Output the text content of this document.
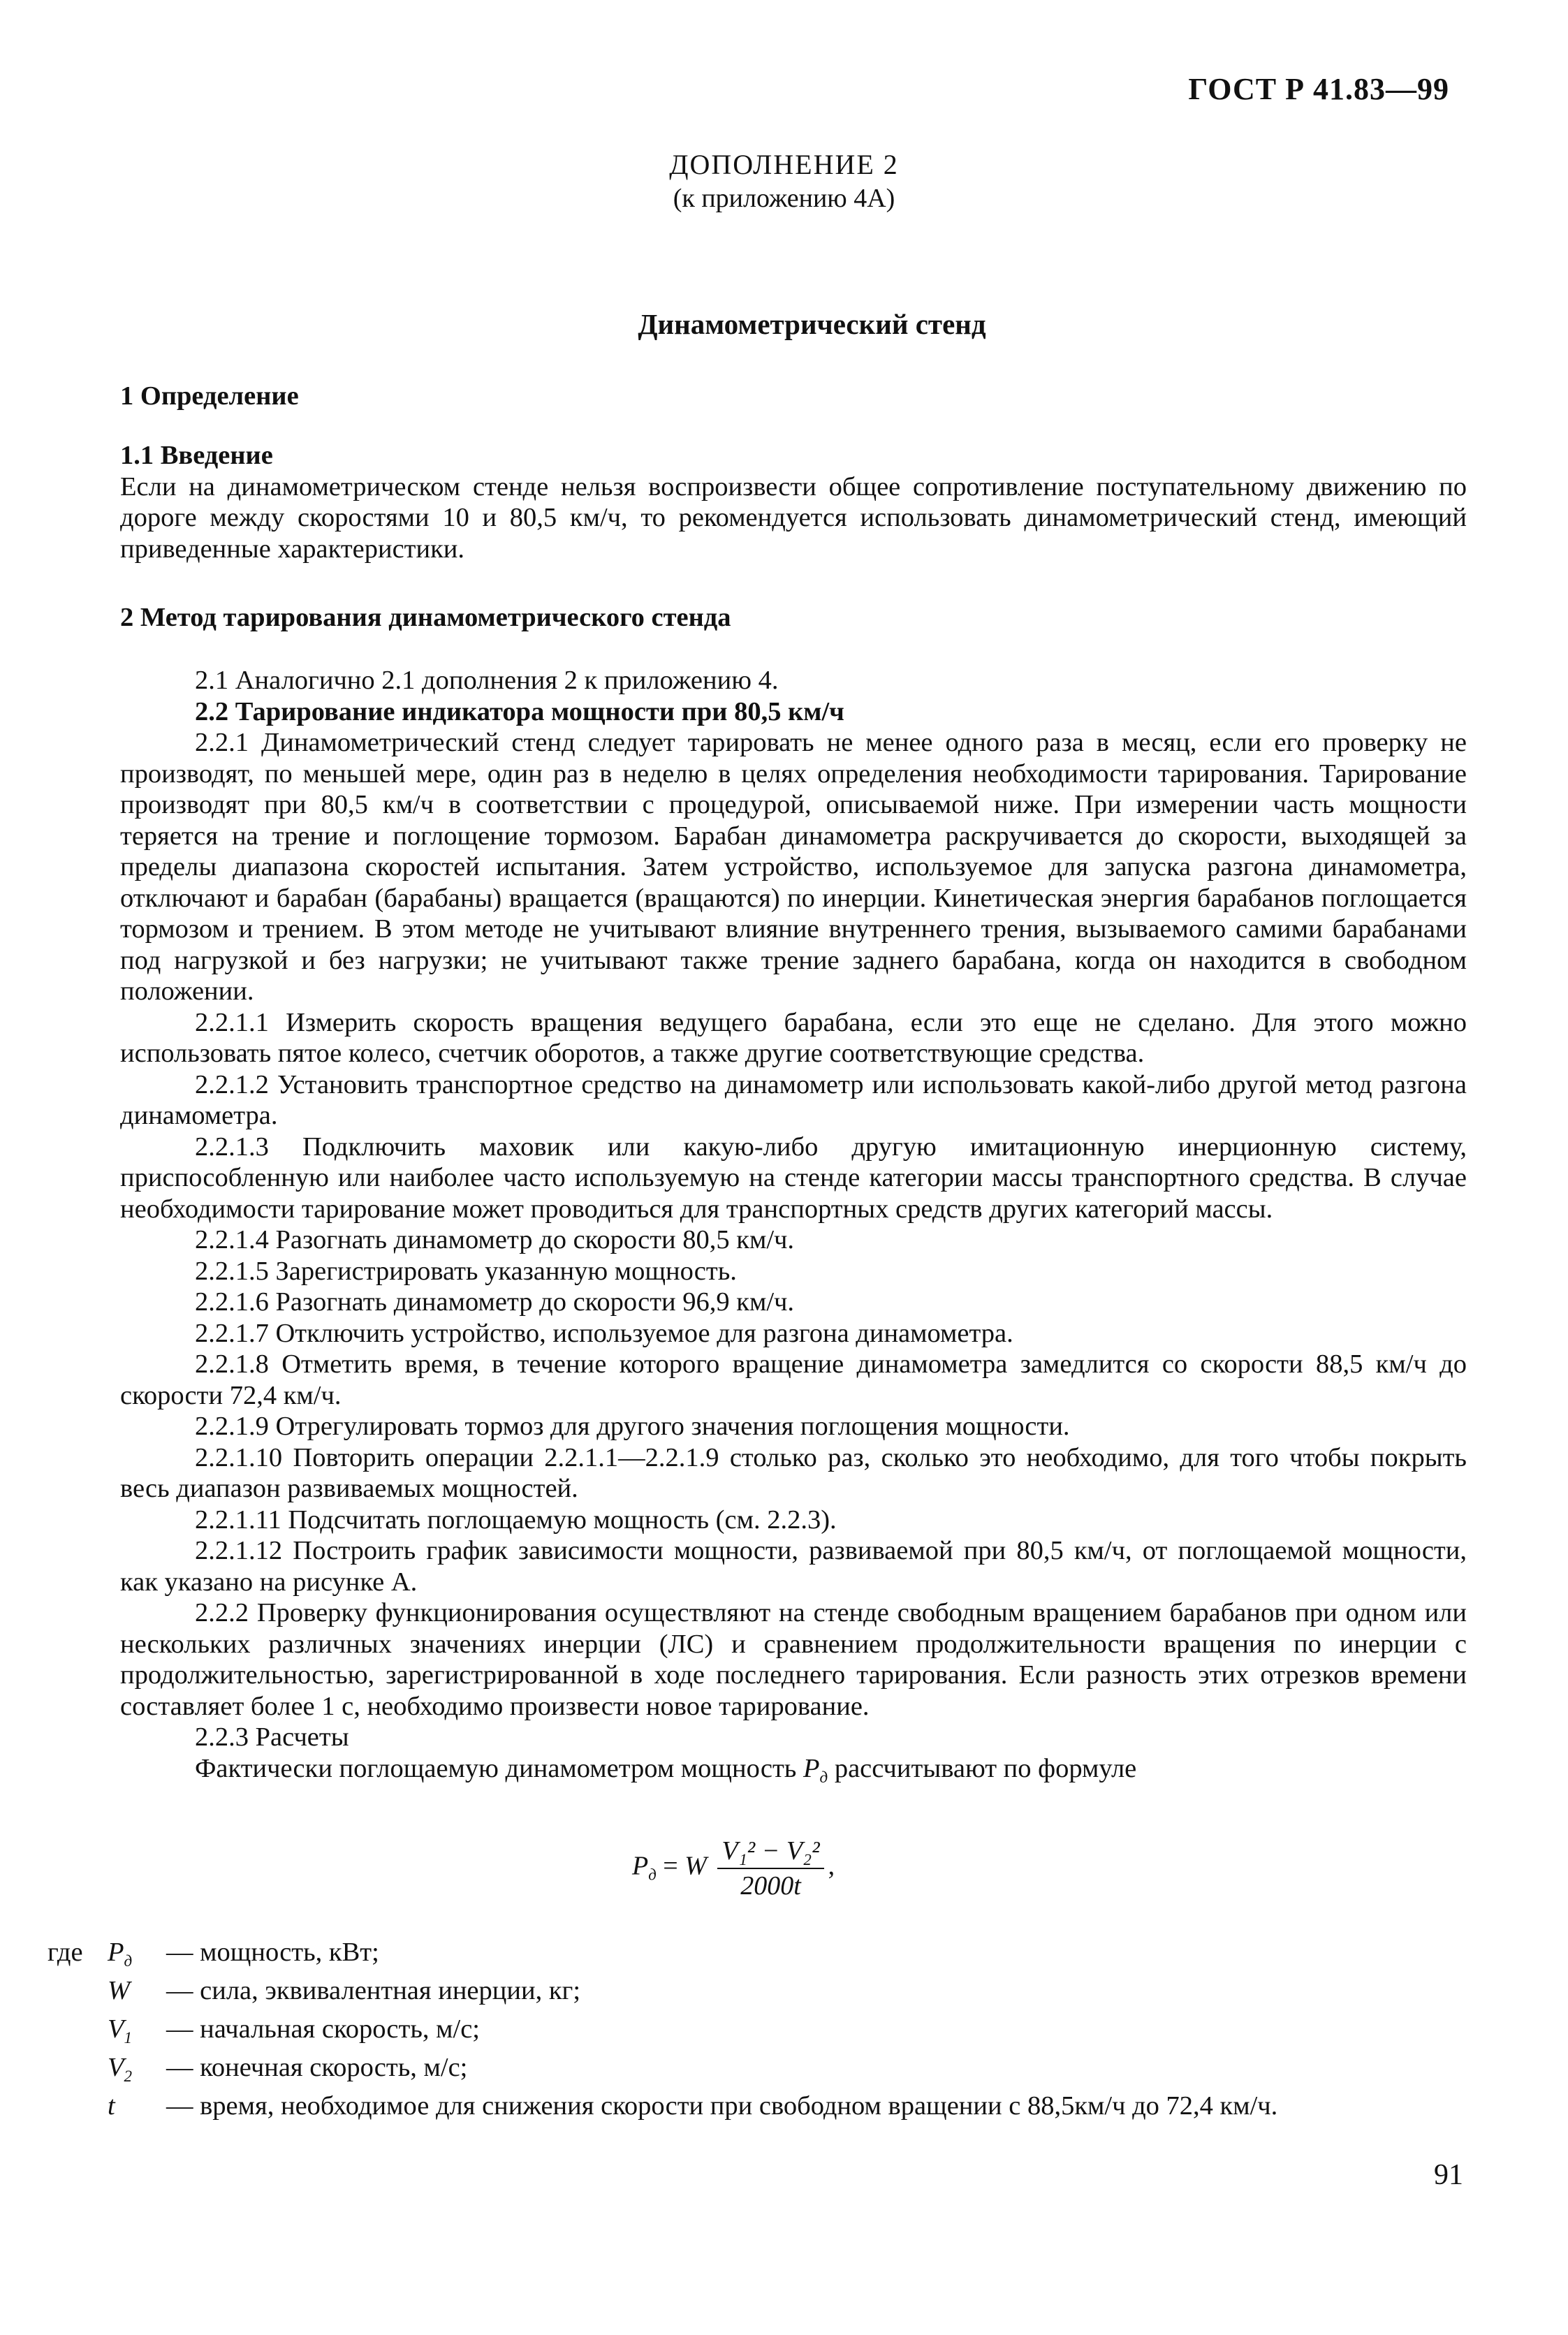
ГОСТ Р 41.83—99
ДОПОЛНЕНИЕ 2
(к приложению 4А)
Динамометрический стенд
1 Определение
1.1 Введение
Если на динамометрическом стенде нельзя воспроизвести общее сопротивление поступательному движению по дороге между скоростями 10 и 80,5 км/ч, то рекомендуется использовать динамометрический стенд, имеющий приведенные характеристики.
2 Метод тарирования динамометрического стенда
2.1 Аналогично 2.1 дополнения 2 к приложению 4.
2.2 Тарирование индикатора мощности при 80,5 км/ч
2.2.1 Динамометрический стенд следует тарировать не менее одного раза в месяц, если его проверку не производят, по меньшей мере, один раз в неделю в целях определения необходимости тарирования. Тарирование производят при 80,5 км/ч в соответствии с процедурой, описываемой ниже. При измерении часть мощности теряется на трение и поглощение тормозом. Барабан динамометра раскручивается до скорости, выходящей за пределы диапазона скоростей испытания. Затем устройство, используемое для запуска разгона динамометра, отключают и барабан (барабаны) вращается (вращаются) по инерции. Кинетическая энергия барабанов поглощается тормозом и трением. В этом методе не учитывают влияние внутреннего трения, вызываемого самими барабанами под нагрузкой и без нагрузки; не учитывают также трение заднего барабана, когда он находится в свободном положении.
2.2.1.1 Измерить скорость вращения ведущего барабана, если это еще не сделано. Для этого можно использовать пятое колесо, счетчик оборотов, а также другие соответствующие средства.
2.2.1.2 Установить транспортное средство на динамометр или использовать какой-либо другой метод разгона динамометра.
2.2.1.3 Подключить маховик или какую-либо другую имитационную инерционную систему, приспособленную или наиболее часто используемую на стенде категории массы транспортного средства. В случае необходимости тарирование может проводиться для транспортных средств других категорий массы.
2.2.1.4 Разогнать динамометр до скорости 80,5 км/ч.
2.2.1.5 Зарегистрировать указанную мощность.
2.2.1.6 Разогнать динамометр до скорости 96,9 км/ч.
2.2.1.7 Отключить устройство, используемое для разгона динамометра.
2.2.1.8 Отметить время, в течение которого вращение динамометра замедлится со скорости 88,5 км/ч до скорости 72,4 км/ч.
2.2.1.9 Отрегулировать тормоз для другого значения поглощения мощности.
2.2.1.10 Повторить операции 2.2.1.1—2.2.1.9 столько раз, сколько это необходимо, для того чтобы покрыть весь диапазон развиваемых мощностей.
2.2.1.11 Подсчитать поглощаемую мощность (см. 2.2.3).
2.2.1.12 Построить график зависимости мощности, развиваемой при 80,5 км/ч, от поглощаемой мощности, как указано на рисунке А.
2.2.2 Проверку функционирования осуществляют на стенде свободным вращением барабанов при одном или нескольких различных значениях инерции (ЛС) и сравнением продолжительности вращения по инерции с продолжительностью, зарегистрированной в ходе последнего тарирования. Если разность этих отрезков времени составляет более 1 с, необходимо произвести новое тарирование.
2.2.3 Расчеты
Фактически поглощаемую динамометром мощность $P_д$ рассчитывают по формуле
$P_д = W \frac{\text{V₁² − V₂²}}{2000t}$ ,
где $P_д$	— мощность, кВт;
W	— сила, эквивалентная инерции, кг;
$V_1$	— начальная скорость, м/с;
$V_2$	— конечная скорость, м/с;
t	— время, необходимое для снижения скорости при свободном вращении с 88,5км/ч до 72,4 км/ч.
91
